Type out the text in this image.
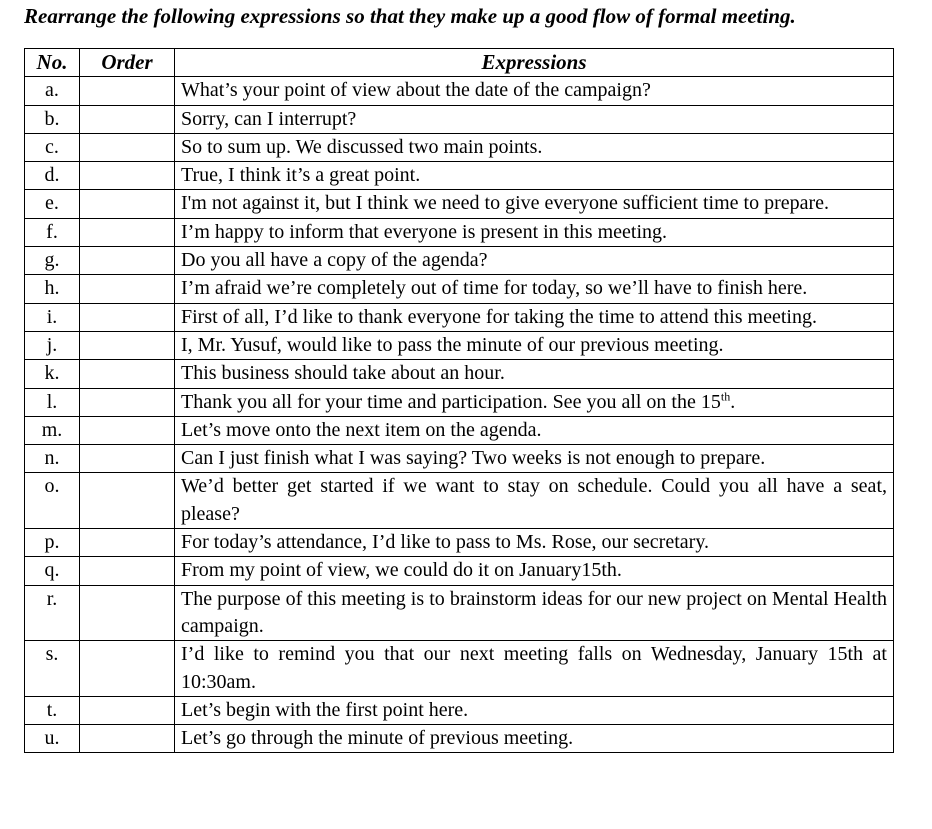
Rearrange the following expressions so that they make up a good flow of formal meeting.
No.	Order	Expressions
a.		What’s your point of view about the date of the campaign?
b.		Sorry, can I interrupt?
c.		So to sum up. We discussed two main points.
d.		True, I think it’s a great point.
e.		I'm not against it, but I think we need to give everyone sufficient time to prepare.
f.		I’m happy to inform that everyone is present in this meeting.
g.		Do you all have a copy of the agenda?
h.		I’m afraid we’re completely out of time for today, so we’ll have to finish here.
i.		First of all, I’d like to thank everyone for taking the time to attend this meeting.
j.		I, Mr. Yusuf, would like to pass the minute of our previous meeting.
k.		This business should take about an hour.
l.		Thank you all for your time and participation. See you all on the 15th.
m.		Let’s move onto the next item on the agenda.
n.		Can I just finish what I was saying? Two weeks is not enough to prepare.
o.		We’d better get started if we want to stay on schedule. Could you all have a seat, please?
p.		For today’s attendance, I’d like to pass to Ms. Rose, our secretary.
q.		From my point of view, we could do it on January15th.
r.		The purpose of this meeting is to brainstorm ideas for our new project on Mental Health campaign.
s.		I’d like to remind you that our next meeting falls on Wednesday, January 15th at 10:30am.
t.		Let’s begin with the first point here.
u.		Let’s go through the minute of previous meeting.
